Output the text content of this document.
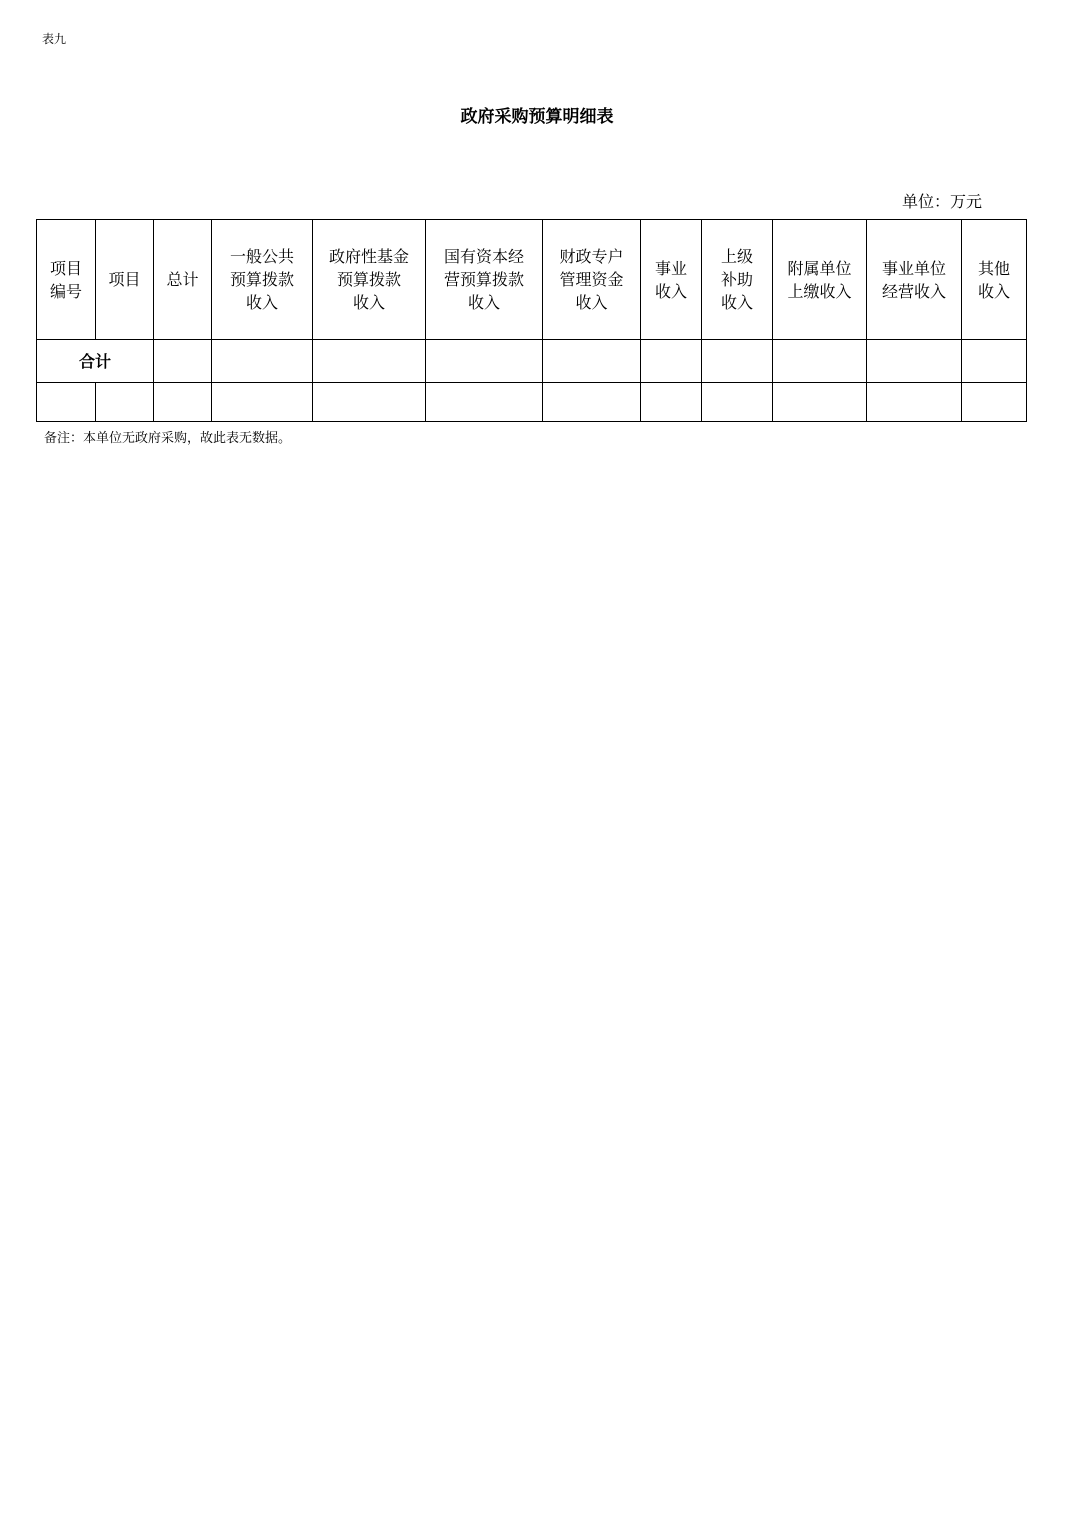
表九
政府采购预算明细表
单位：万元
项目
编号	项目	总计	一般公共
预算拨款
收入	政府性基金
预算拨款
收入	国有资本经
营预算拨款
收入	财政专户
管理资金
收入	事业
收入	上级
补助
收入	附属单位
上缴收入	事业单位
经营收入	其他
收入
合计											

备注：本单位无政府采购，故此表无数据。
